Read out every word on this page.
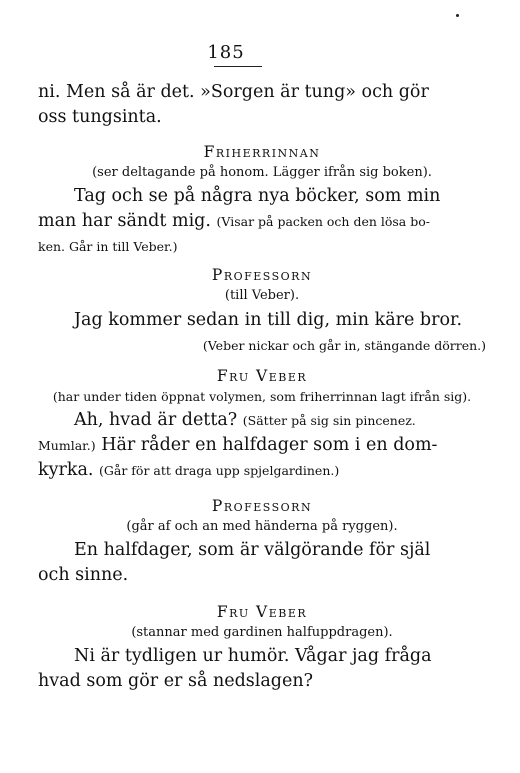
185
ni. Men så är det. »Sorgen är tung» och gör
oss tungsinta.
Friherrinnan
(ser deltagande på honom. Lägger ifrån sig boken).
Tag och se på några nya böcker, som min
man har sändt mig. (Visar på packen och den lösa bo-
ken. Går in till Veber.)
Professorn
(till Veber).
Jag kommer sedan in till dig, min käre bror.
(Veber nickar och går in, stängande dörren.)
Fru Veber
(har under tiden öppnat volymen, som friherrinnan lagt ifrån sig).
Ah, hvad är detta? (Sätter på sig sin pincenez.
Mumlar.) Här råder en halfdager som i en dom-
kyrka. (Går för att draga upp spjelgardinen.)
Professorn
(går af och an med händerna på ryggen).
En halfdager, som är välgörande för själ
och sinne.
Fru Veber
(stannar med gardinen halfuppdragen).
Ni är tydligen ur humör. Vågar jag fråga
hvad som gör er så nedslagen?
